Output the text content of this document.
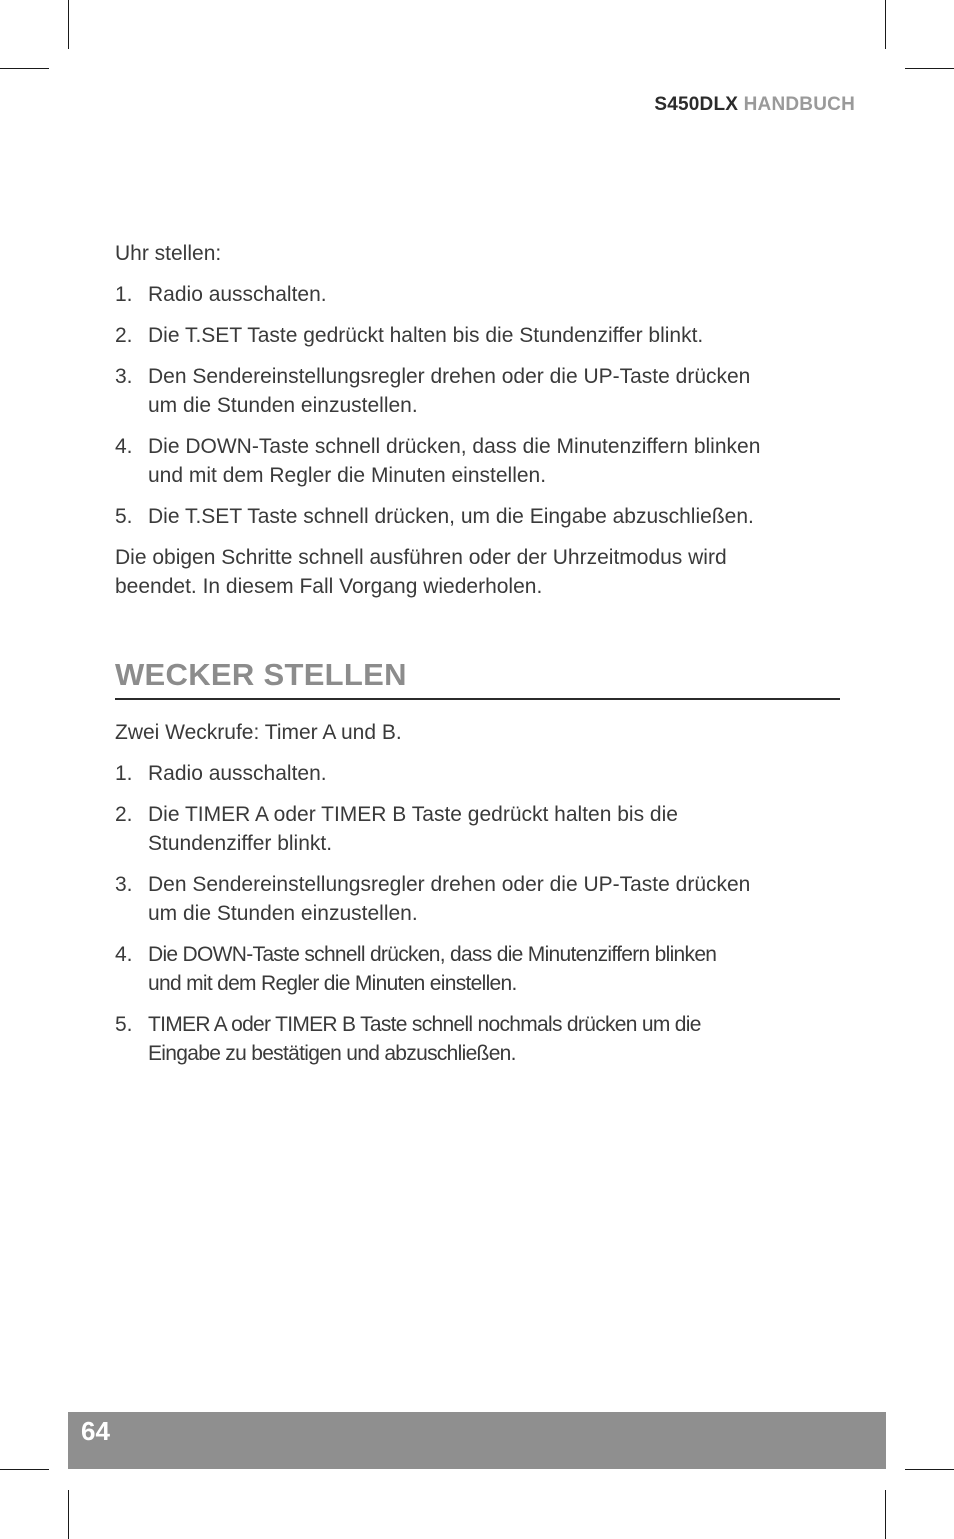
S450DLX HANDBUCH

Uhr stellen:

1. Radio ausschalten.
2. Die T.SET Taste gedrückt halten bis die Stundenziffer blinkt.
3. Den Sendereinstellungsregler drehen oder die UP-Taste drücken
um die Stunden einzustellen.
4. Die DOWN-Taste schnell drücken, dass die Minutenziffern blinken
und mit dem Regler die Minuten einstellen.
5. Die T.SET Taste schnell drücken, um die Eingabe abzuschließen.
Die obigen Schritte schnell ausführen oder der Uhrzeitmodus wird
beendet. In diesem Fall Vorgang wiederholen.
WECKER STELLEN

Zwei Weckrufe: Timer A und B.

1. Radio ausschalten.
2. Die TIMER A oder TIMER B Taste gedrückt halten bis die
Stundenziffer blinkt.
3. Den Sendereinstellungsregler drehen oder die UP-Taste drücken
um die Stunden einzustellen.
4. Die DOWN-Taste schnell drücken, dass die Minutenziffern blinken
und mit dem Regler die Minuten einstellen.
5. TIMER A oder TIMER B Taste schnell nochmals drücken um die
Eingabe zu bestätigen und abzuschließen.
64
